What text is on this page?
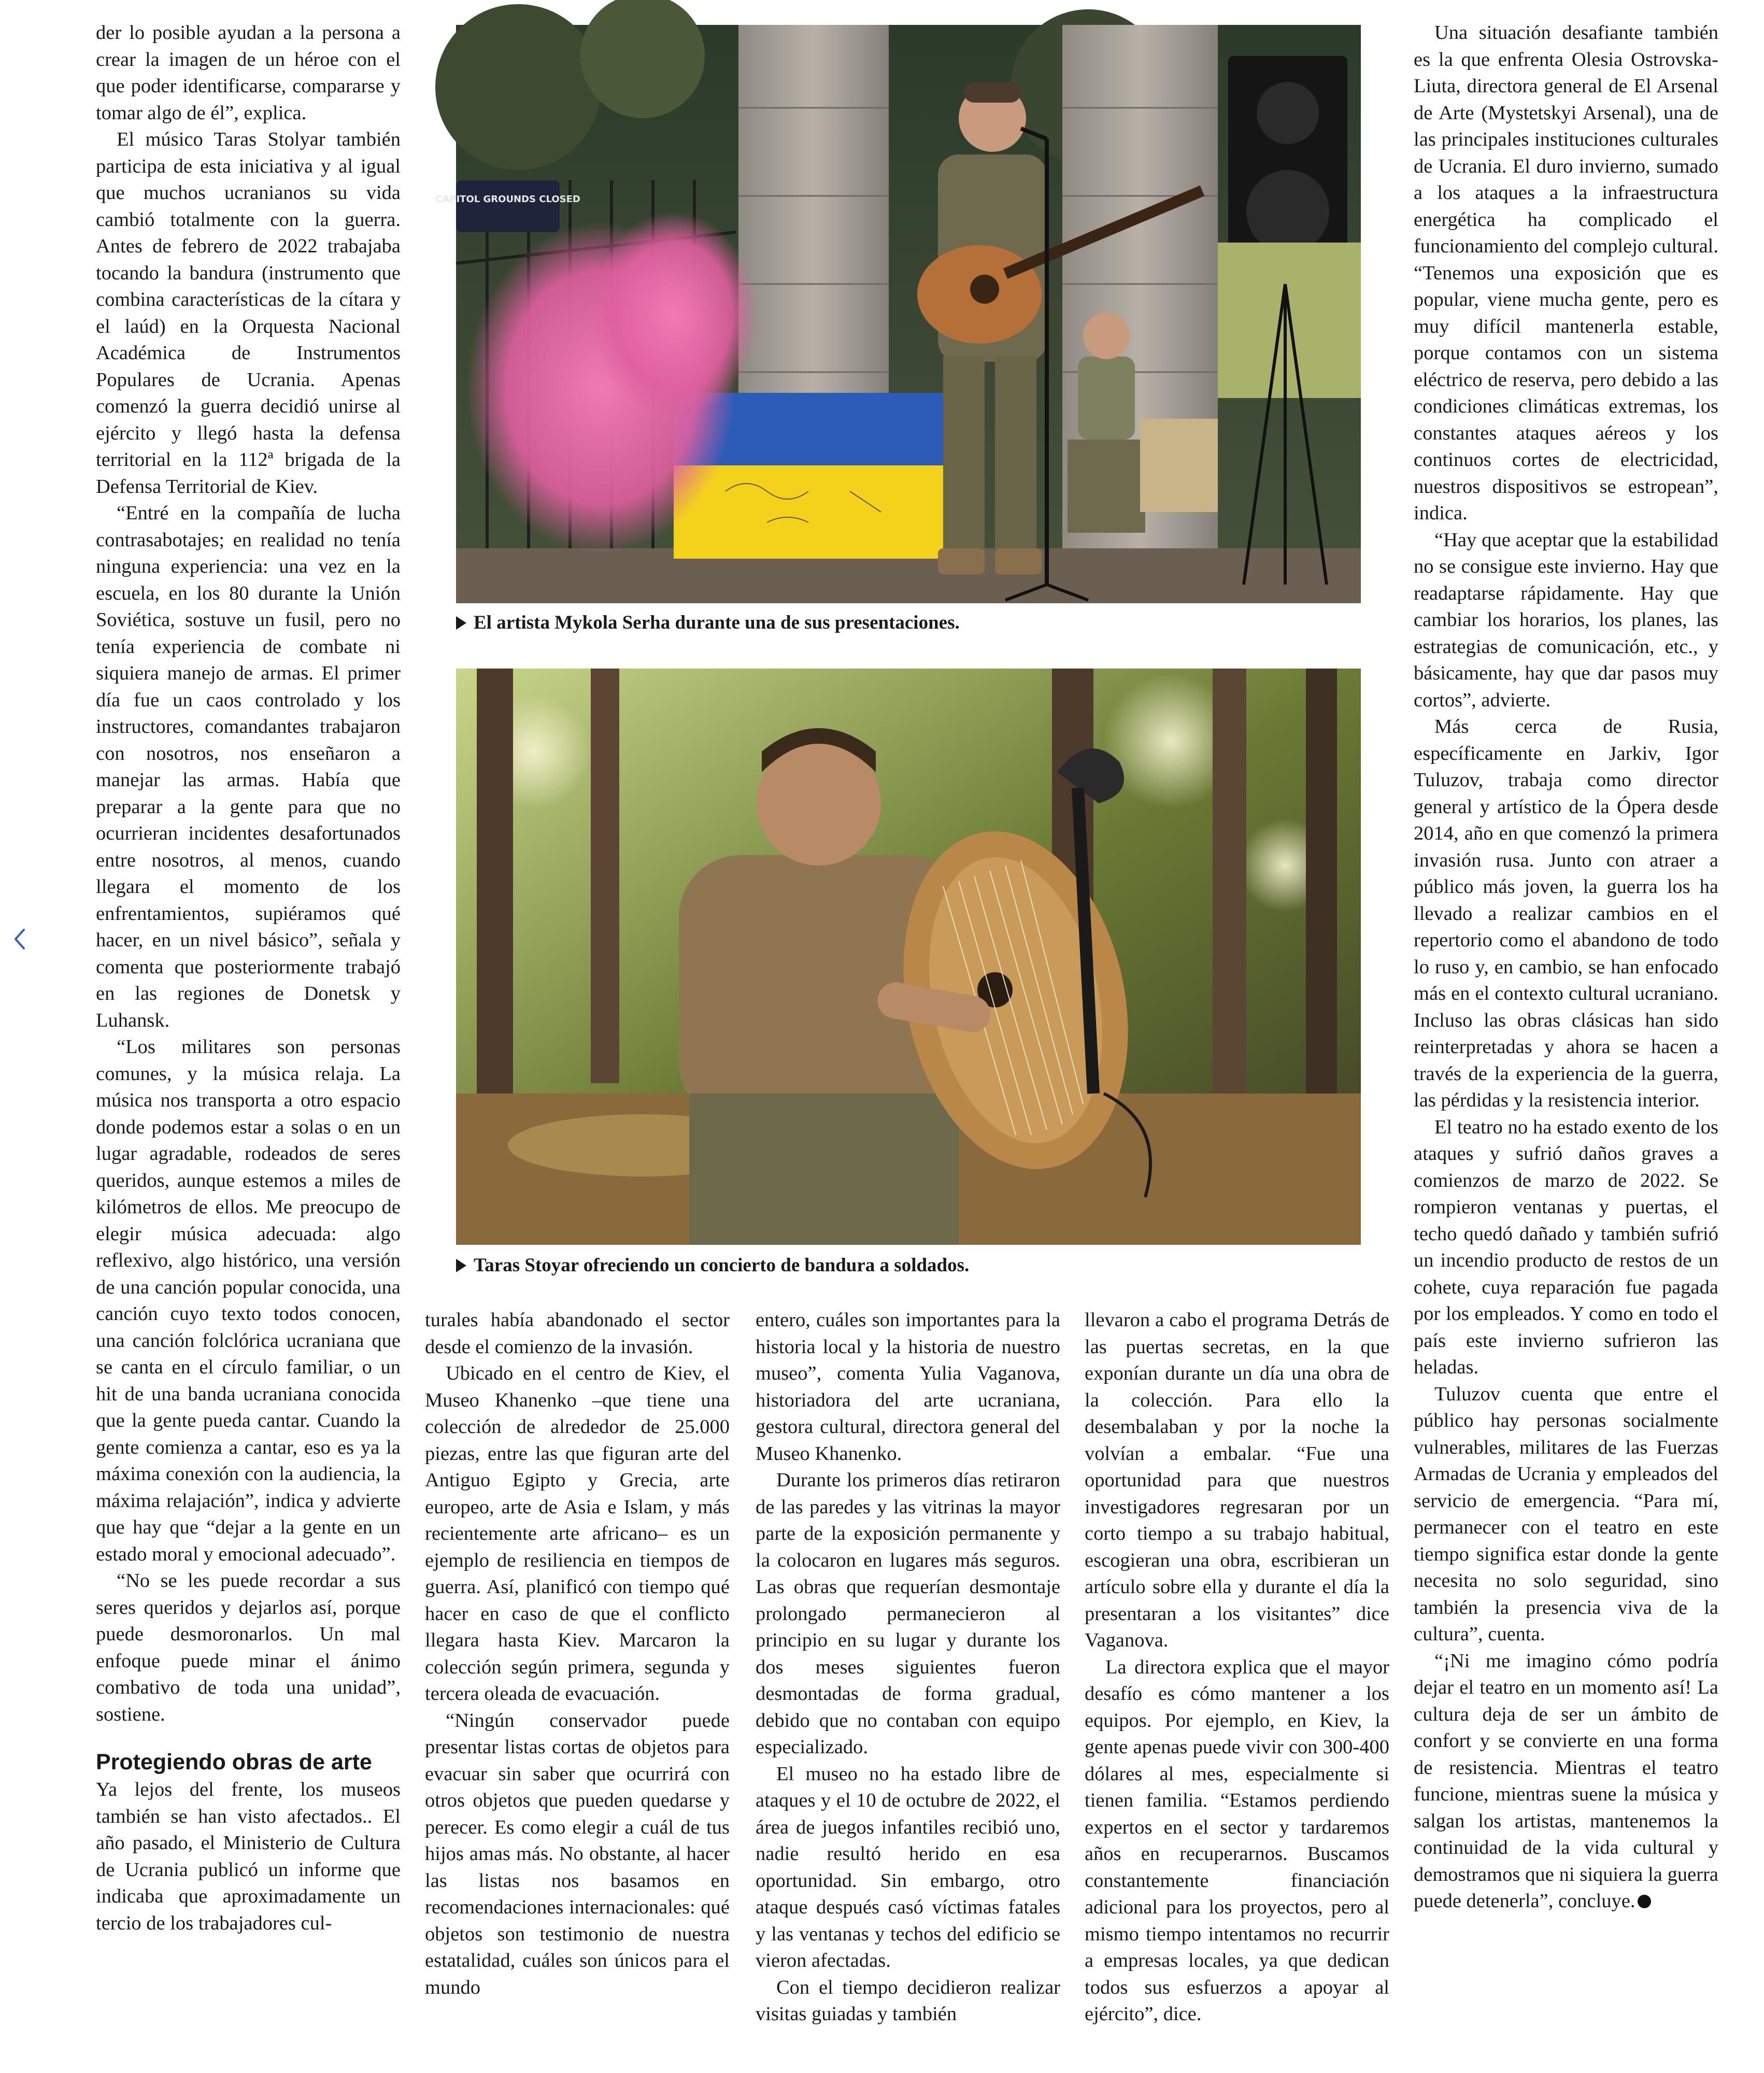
der lo posible ayudan a la persona a crear la imagen de un héroe con el que poder identificarse, compararse y tomar algo de él”, explica.

El músico Taras Stolyar también participa de esta iniciativa y al igual que muchos ucranianos su vida cambió totalmente con la guerra. Antes de febrero de 2022 trabajaba tocando la bandura (instrumento que combina características de la cítara y el laúd) en la Orquesta Nacional Académica de Instrumentos Populares de Ucrania. Apenas comenzó la guerra decidió unirse al ejército y llegó hasta la defensa territorial en la 112ª brigada de la Defensa Territorial de Kiev.

“Entré en la compañía de lucha contrasabotajes; en realidad no tenía ninguna experiencia: una vez en la escuela, en los 80 durante la Unión Soviética, sostuve un fusil, pero no tenía experiencia de combate ni siquiera manejo de armas. El primer día fue un caos controlado y los instructores, comandantes trabajaron con nosotros, nos enseñaron a manejar las armas. Había que preparar a la gente para que no ocurrieran incidentes desafortunados entre nosotros, al menos, cuando llegara el momento de los enfrentamientos, supiéramos qué hacer, en un nivel básico”, señala y comenta que posteriormente trabajó en las regiones de Donetsk y Luhansk.

“Los militares son personas comunes, y la música relaja. La música nos transporta a otro espacio donde podemos estar a solas o en un lugar agradable, rodeados de seres queridos, aunque estemos a miles de kilómetros de ellos. Me preocupo de elegir música adecuada: algo reflexivo, algo histórico, una versión de una canción popular conocida, una canción cuyo texto todos conocen, una canción folclórica ucraniana que se canta en el círculo familiar, o un hit de una banda ucraniana conocida que la gente pueda cantar. Cuando la gente comienza a cantar, eso es ya la máxima conexión con la audiencia, la máxima relajación”, indica y advierte que hay que “dejar a la gente en un estado moral y emocional adecuado”.

“No se les puede recordar a sus seres queridos y dejarlos así, porque puede desmoronarlos. Un mal enfoque puede minar el ánimo combativo de toda una unidad”, sostiene.

Protegiendo obras de arte

Ya lejos del frente, los museos también se han visto afectados.. El año pasado, el Ministerio de Cultura de Ucrania publicó un informe que indicaba que aproximadamente un tercio de los trabajadores cul-

CAPITOL GROUNDS CLOSED
El artista Mykola Serha durante una de sus presentaciones.
Taras Stoyar ofreciendo un concierto de bandura a soldados.

turales había abandonado el sector desde el comienzo de la invasión.

Ubicado en el centro de Kiev, el Museo Khanenko –que tiene una colección de alrededor de 25.000 piezas, entre las que figuran arte del Antiguo Egipto y Grecia, arte europeo, arte de Asia e Islam, y más recientemente arte africano– es un ejemplo de resiliencia en tiempos de guerra. Así, planificó con tiempo qué hacer en caso de que el conflicto llegara hasta Kiev. Marcaron la colección según primera, segunda y tercera oleada de evacuación.

“Ningún conservador puede presentar listas cortas de objetos para evacuar sin saber que ocurrirá con otros objetos que pueden quedarse y perecer. Es como elegir a cuál de tus hijos amas más. No obstante, al hacer las listas nos basamos en recomendaciones internacionales: qué objetos son testimonio de nuestra estatalidad, cuáles son únicos para el mundo

entero, cuáles son importantes para la historia local y la historia de nuestro museo”, comenta Yulia Vaganova, historiadora del arte ucraniana, gestora cultural, directora general del Museo Khanenko.

Durante los primeros días retiraron de las paredes y las vitrinas la mayor parte de la exposición permanente y la colocaron en lugares más seguros. Las obras que requerían desmontaje prolongado permanecieron al principio en su lugar y durante los dos meses siguientes fueron desmontadas de forma gradual, debido que no contaban con equipo especializado.

El museo no ha estado libre de ataques y el 10 de octubre de 2022, el área de juegos infantiles recibió uno, nadie resultó herido en esa oportunidad. Sin embargo, otro ataque después casó víctimas fatales y las ventanas y techos del edificio se vieron afectadas.

Con el tiempo decidieron realizar visitas guiadas y también

llevaron a cabo el programa Detrás de las puertas secretas, en la que exponían durante un día una obra de la colección. Para ello la desembalaban y por la noche la volvían a embalar. “Fue una oportunidad para que nuestros investigadores regresaran por un corto tiempo a su trabajo habitual, escogieran una obra, escribieran un artículo sobre ella y durante el día la presentaran a los visitantes” dice Vaganova.

La directora explica que el mayor desafío es cómo mantener a los equipos. Por ejemplo, en Kiev, la gente apenas puede vivir con 300-400 dólares al mes, especialmente si tienen familia. “Estamos perdiendo expertos en el sector y tardaremos años en recuperarnos. Buscamos constantemente financiación adicional para los proyectos, pero al mismo tiempo intentamos no recurrir a empresas locales, ya que dedican todos sus esfuerzos a apoyar al ejército”, dice.

Una situación desafiante también es la que enfrenta Olesia Ostrovska-Liuta, directora general de El Arsenal de Arte (Mystetskyi Arsenal), una de las principales instituciones culturales de Ucrania. El duro invierno, sumado a los ataques a la infraestructura energética ha complicado el funcionamiento del complejo cultural. “Tenemos una exposición que es popular, viene mucha gente, pero es muy difícil mantenerla estable, porque contamos con un sistema eléctrico de reserva, pero debido a las condiciones climáticas extremas, los constantes ataques aéreos y los continuos cortes de electricidad, nuestros dispositivos se estropean”, indica.

“Hay que aceptar que la estabilidad no se consigue este invierno. Hay que readaptarse rápidamente. Hay que cambiar los horarios, los planes, las estrategias de comunicación, etc., y básicamente, hay que dar pasos muy cortos”, advierte.

Más cerca de Rusia, específicamente en Jarkiv, Igor Tuluzov, trabaja como director general y artístico de la Ópera desde 2014, año en que comenzó la primera invasión rusa. Junto con atraer a público más joven, la guerra los ha llevado a realizar cambios en el repertorio como el abandono de todo lo ruso y, en cambio, se han enfocado más en el contexto cultural ucraniano. Incluso las obras clásicas han sido reinterpretadas y ahora se hacen a través de la experiencia de la guerra, las pérdidas y la resistencia interior.

El teatro no ha estado exento de los ataques y sufrió daños graves a comienzos de marzo de 2022. Se rompieron ventanas y puertas, el techo quedó dañado y también sufrió un incendio producto de restos de un cohete, cuya reparación fue pagada por los empleados. Y como en todo el país este invierno sufrieron las heladas.

Tuluzov cuenta que entre el público hay personas socialmente vulnerables, militares de las Fuerzas Armadas de Ucrania y empleados del servicio de emergencia. “Para mí, permanecer con el teatro en este tiempo significa estar donde la gente necesita no solo seguridad, sino también la presencia viva de la cultura”, cuenta.

“¡Ni me imagino cómo podría dejar el teatro en un momento así! La cultura deja de ser un ámbito de confort y se convierte en una forma de resistencia. Mientras el teatro funcione, mientras suene la música y salgan los artistas, mantenemos la continuidad de la vida cultural y demostramos que ni siquiera la guerra puede detenerla”, concluye.
